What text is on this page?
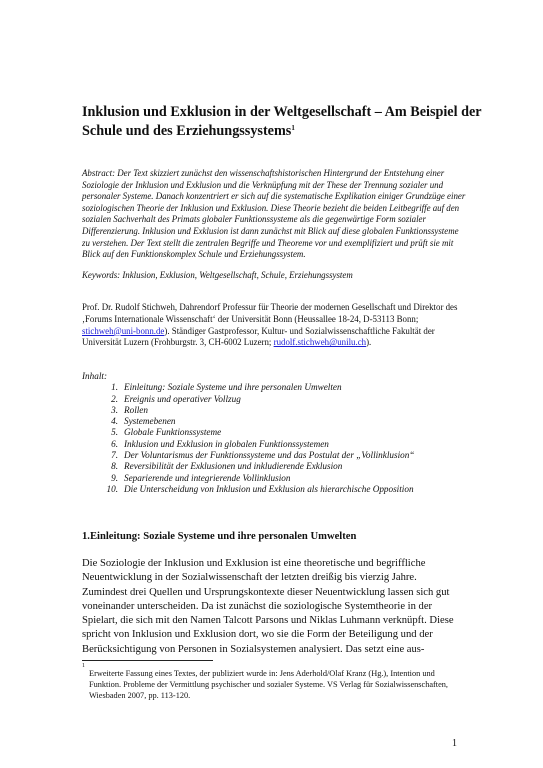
Inklusion und Exklusion in der Weltgesellschaft – Am Beispiel der Schule und des Erziehungssystems$^1$

Abstract: Der Text skizziert zunächst den wissenschaftshistorischen Hintergrund der Entstehung einer Soziologie der Inklusion und Exklusion und die Verknüpfung mit der These der Trennung sozialer und personaler Systeme. Danach konzentriert er sich auf die systematische Explikation einiger Grundzüge einer soziologischen Theorie der Inklusion und Exklusion. Diese Theorie bezieht die beiden Leitbegriffe auf den sozialen Sachverhalt des Primats globaler Funktionssysteme als die gegenwärtige Form sozialer Differenzierung. Inklusion und Exklusion ist dann zunächst mit Blick auf diese globalen Funktionssysteme zu verstehen. Der Text stellt die zentralen Begriffe und Theoreme vor und exemplifiziert und prüft sie mit Blick auf den Funktionskomplex Schule und Erziehungssystem.

Keywords: Inklusion, Exklusion, Weltgesellschaft, Schule, Erziehungssystem

Prof. Dr. Rudolf Stichweh, Dahrendorf Professur für Theorie der modernen Gesellschaft und Direktor des ‚Forums Internationale Wissenschaft‘ der Universität Bonn (Heussallee 18-24, D-53113 Bonn; stichweh@uni-bonn.de). Ständiger Gastprofessor, Kultur- und Sozialwissenschaftliche Fakultät der Universität Luzern (Frohburgstr. 3, CH-6002 Luzern; rudolf.stichweh@unilu.ch).
Inhalt:
1. Einleitung: Soziale Systeme und ihre personalen Umwelten
2. Ereignis und operativer Vollzug
3. Rollen
4. Systemebenen
5. Globale Funktionssysteme
6. Inklusion und Exklusion in globalen Funktionssystemen
7. Der Voluntarismus der Funktionssysteme und das Postulat der „Vollinklusion“
8. Reversibilität der Exklusionen und inkludierende Exklusion
9. Separierende und integrierende Vollinklusion
10. Die Unterscheidung von Inklusion und Exklusion als hierarchische Opposition
1.Einleitung: Soziale Systeme und ihre personalen Umwelten
Die Soziologie der Inklusion und Exklusion ist eine theoretische und begriffliche Neuentwicklung in der Sozialwissenschaft der letzten dreißig bis vierzig Jahre. Zumindest drei Quellen und Ursprungskontexte dieser Neuentwicklung lassen sich gut voneinander unterscheiden. Da ist zunächst die soziologische Systemtheorie in der Spielart, die sich mit den Namen Talcott Parsons und Niklas Luhmann verknüpft. Diese spricht von Inklusion und Exklusion dort, wo sie die Form der Beteiligung und der Berücksichtigung von Personen in Sozialsystemen analysiert. Das setzt eine aus-
1
Erweiterte Fassung eines Textes, der publiziert wurde in: Jens Aderhold/Olaf Kranz (Hg.), Intention und Funktion. Probleme der Vermittlung psychischer und sozialer Systeme. VS Verlag für Sozialwissenschaften, Wiesbaden 2007, pp. 113-120.
1
